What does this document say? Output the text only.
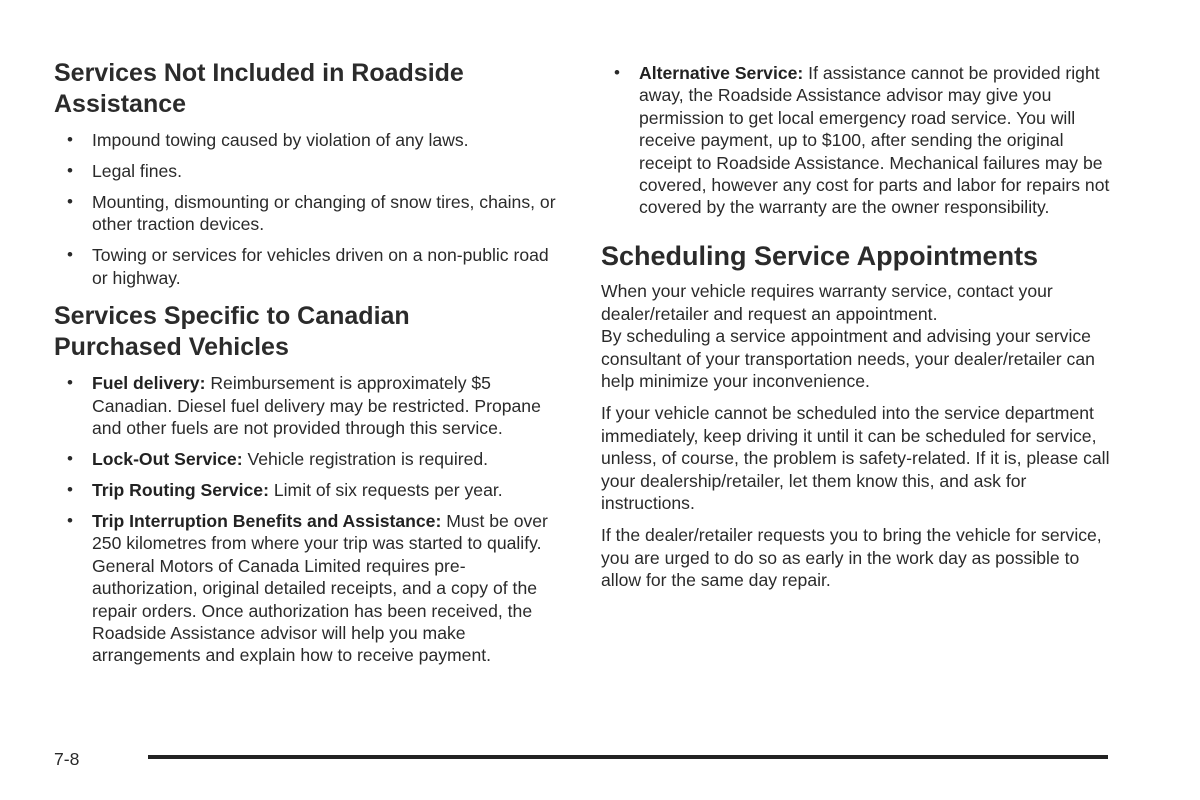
Services Not Included in Roadside
Assistance
• Impound towing caused by violation of any laws.
• Legal fines.
• Mounting, dismounting or changing of snow tires, chains, or other traction devices.
• Towing or services for vehicles driven on a non-public road or highway.
Services Specific to Canadian
Purchased Vehicles
• Fuel delivery: Reimbursement is approximately $5 Canadian. Diesel fuel delivery may be restricted. Propane and other fuels are not provided through this service.
• Lock-Out Service: Vehicle registration is required.
• Trip Routing Service: Limit of six requests per year.
• Trip Interruption Benefits and Assistance: Must be over 250 kilometres from where your trip was started to qualify. General Motors of Canada Limited requires pre-authorization, original detailed receipts, and a copy of the repair orders. Once authorization has been received, the Roadside Assistance advisor will help you make arrangements and explain how to receive payment.
• Alternative Service: If assistance cannot be provided right away, the Roadside Assistance advisor may give you permission to get local emergency road service. You will receive payment, up to $100, after sending the original receipt to Roadside Assistance. Mechanical failures may be covered, however any cost for parts and labor for repairs not covered by the warranty are the owner responsibility.
Scheduling Service Appointments

When your vehicle requires warranty service, contact your dealer/retailer and request an appointment.

By scheduling a service appointment and advising your service consultant of your transportation needs, your dealer/retailer can help minimize your inconvenience.

If your vehicle cannot be scheduled into the service department immediately, keep driving it until it can be scheduled for service, unless, of course, the problem is safety-related. If it is, please call your dealership/retailer, let them know this, and ask for instructions.

If the dealer/retailer requests you to bring the vehicle for service, you are urged to do so as early in the work day as possible to allow for the same day repair.

7-8
